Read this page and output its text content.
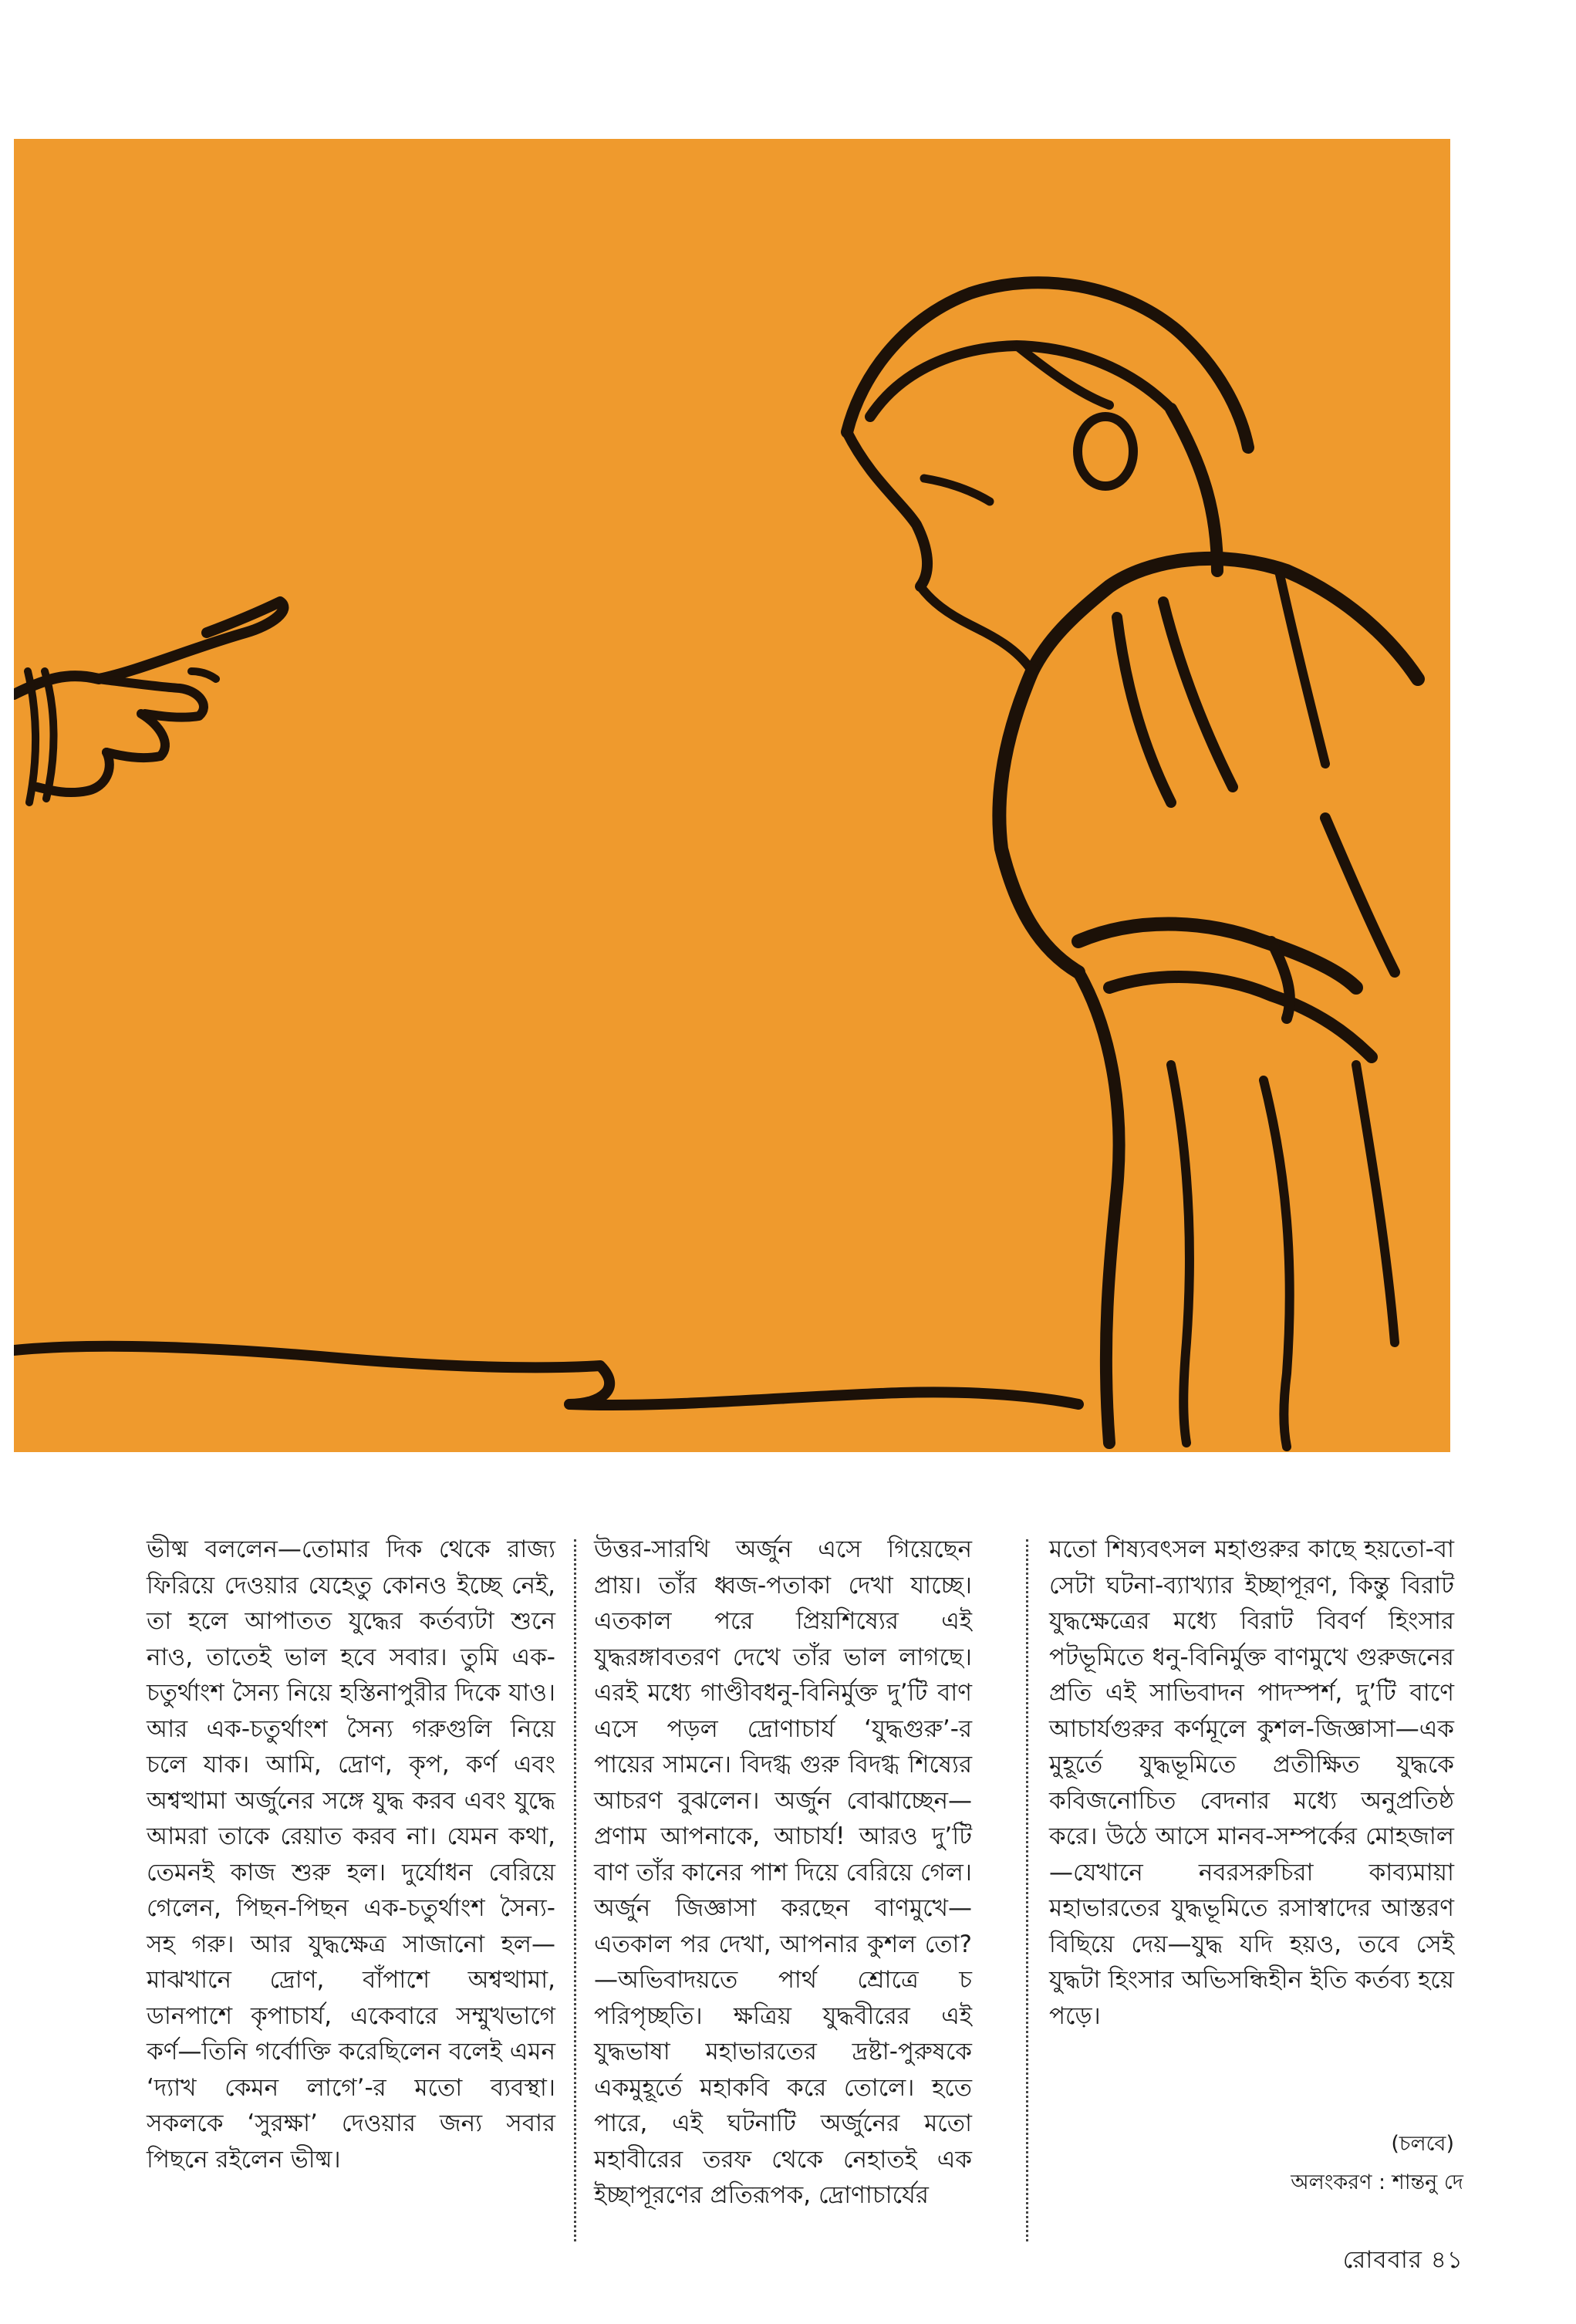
ভীষ্ম বললেন—তোমার দিক থেকে রাজ্য ফিরিয়ে দেওয়ার যেহেতু কোনও ইচ্ছে নেই, তা হলে আপাতত যুদ্ধের কর্তব্যটা শুনে নাও, তাতেই ভাল হবে সবার। তুমি এক-চতুর্থাংশ সৈন্য নিয়ে হস্তিনাপুরীর দিকে যাও। আর এক-চতুর্থাংশ সৈন্য গরুগুলি নিয়ে চলে যাক। আমি, দ্রোণ, কৃপ, কর্ণ এবং অশ্বত্থামা অর্জুনের সঙ্গে যুদ্ধ করব এবং যুদ্ধে আমরা তাকে রেয়াত করব না। যেমন কথা, তেমনই কাজ শুরু হল। দুর্যোধন বেরিয়ে গেলেন, পিছন-পিছন এক-চতুর্থাংশ সৈন্য-সহ গরু। আর যুদ্ধক্ষেত্র সাজানো হল—মাঝখানে দ্রোণ, বাঁপাশে অশ্বত্থামা, ডানপাশে কৃপাচার্য, একেবারে সম্মুখভাগে কর্ণ—তিনি গর্বোক্তি করেছিলেন বলেই এমন ‘দ্যাখ কেমন লাগে’-র মতো ব্যবস্থা। সকলকে ‘সুরক্ষা’ দেওয়ার জন্য সবার পিছনে রইলেন ভীষ্ম।
উত্তর-সারথি অর্জুন এসে গিয়েছেন প্রায়। তাঁর ধ্বজ-পতাকা দেখা যাচ্ছে। এতকাল পরে প্রিয়শিষ্যের এই যুদ্ধরঙ্গাবতরণ দেখে তাঁর ভাল লাগছে। এরই মধ্যে গাণ্ডীবধনু-বিনির্মুক্ত দু’টি বাণ এসে পড়ল দ্রোণাচার্য ‘যুদ্ধগুরু’-র পায়ের সামনে। বিদগ্ধ গুরু বিদগ্ধ শিষ্যের আচরণ বুঝলেন। অর্জুন বোঝাচ্ছেন—প্রণাম আপনাকে, আচার্য! আরও দু’টি বাণ তাঁর কানের পাশ দিয়ে বেরিয়ে গেল। অর্জুন জিজ্ঞাসা করছেন বাণমুখে—এতকাল পর দেখা, আপনার কুশল তো?—অভিবাদয়তে পার্থ শ্রোত্রে চ পরিপৃচ্ছতি। ক্ষত্রিয় যুদ্ধবীরের এই যুদ্ধভাষা মহাভারতের দ্রষ্টা-পুরুষকে একমুহূর্তে মহাকবি করে তোলে। হতে পারে, এই ঘটনাটি অর্জুনের মতো মহাবীরের তরফ থেকে নেহাতই এক ইচ্ছাপূরণের প্রতিরূপক, দ্রোণাচার্যের
মতো শিষ্যবৎসল মহাগুরুর কাছে হয়তো-বা সেটা ঘটনা-ব্যাখ্যার ইচ্ছাপূরণ, কিন্তু বিরাট যুদ্ধক্ষেত্রের মধ্যে বিরাট বিবর্ণ হিংসার পটভূমিতে ধনু-বিনির্মুক্ত বাণমুখে গুরুজনের প্রতি এই সাভিবাদন পাদস্পর্শ, দু’টি বাণে আচার্যগুরুর কর্ণমূলে কুশল-জিজ্ঞাসা—এক মুহূর্তে যুদ্ধভূমিতে প্রতীক্ষিত যুদ্ধকে কবিজনোচিত বেদনার মধ্যে অনুপ্রতিষ্ঠ করে। উঠে আসে মানব-সম্পর্কের মোহজাল—যেখানে নবরসরুচিরা কাব্যমায়া মহাভারতের যুদ্ধভূমিতে রসাস্বাদের আস্তরণ বিছিয়ে দেয়—যুদ্ধ যদি হয়ও, তবে সেই যুদ্ধটা হিংসার অভিসন্ধিহীন ইতি কর্তব্য হয়ে পড়ে।
(চলবে)
অলংকরণ : শান্তনু দে
রোববার ৪১
